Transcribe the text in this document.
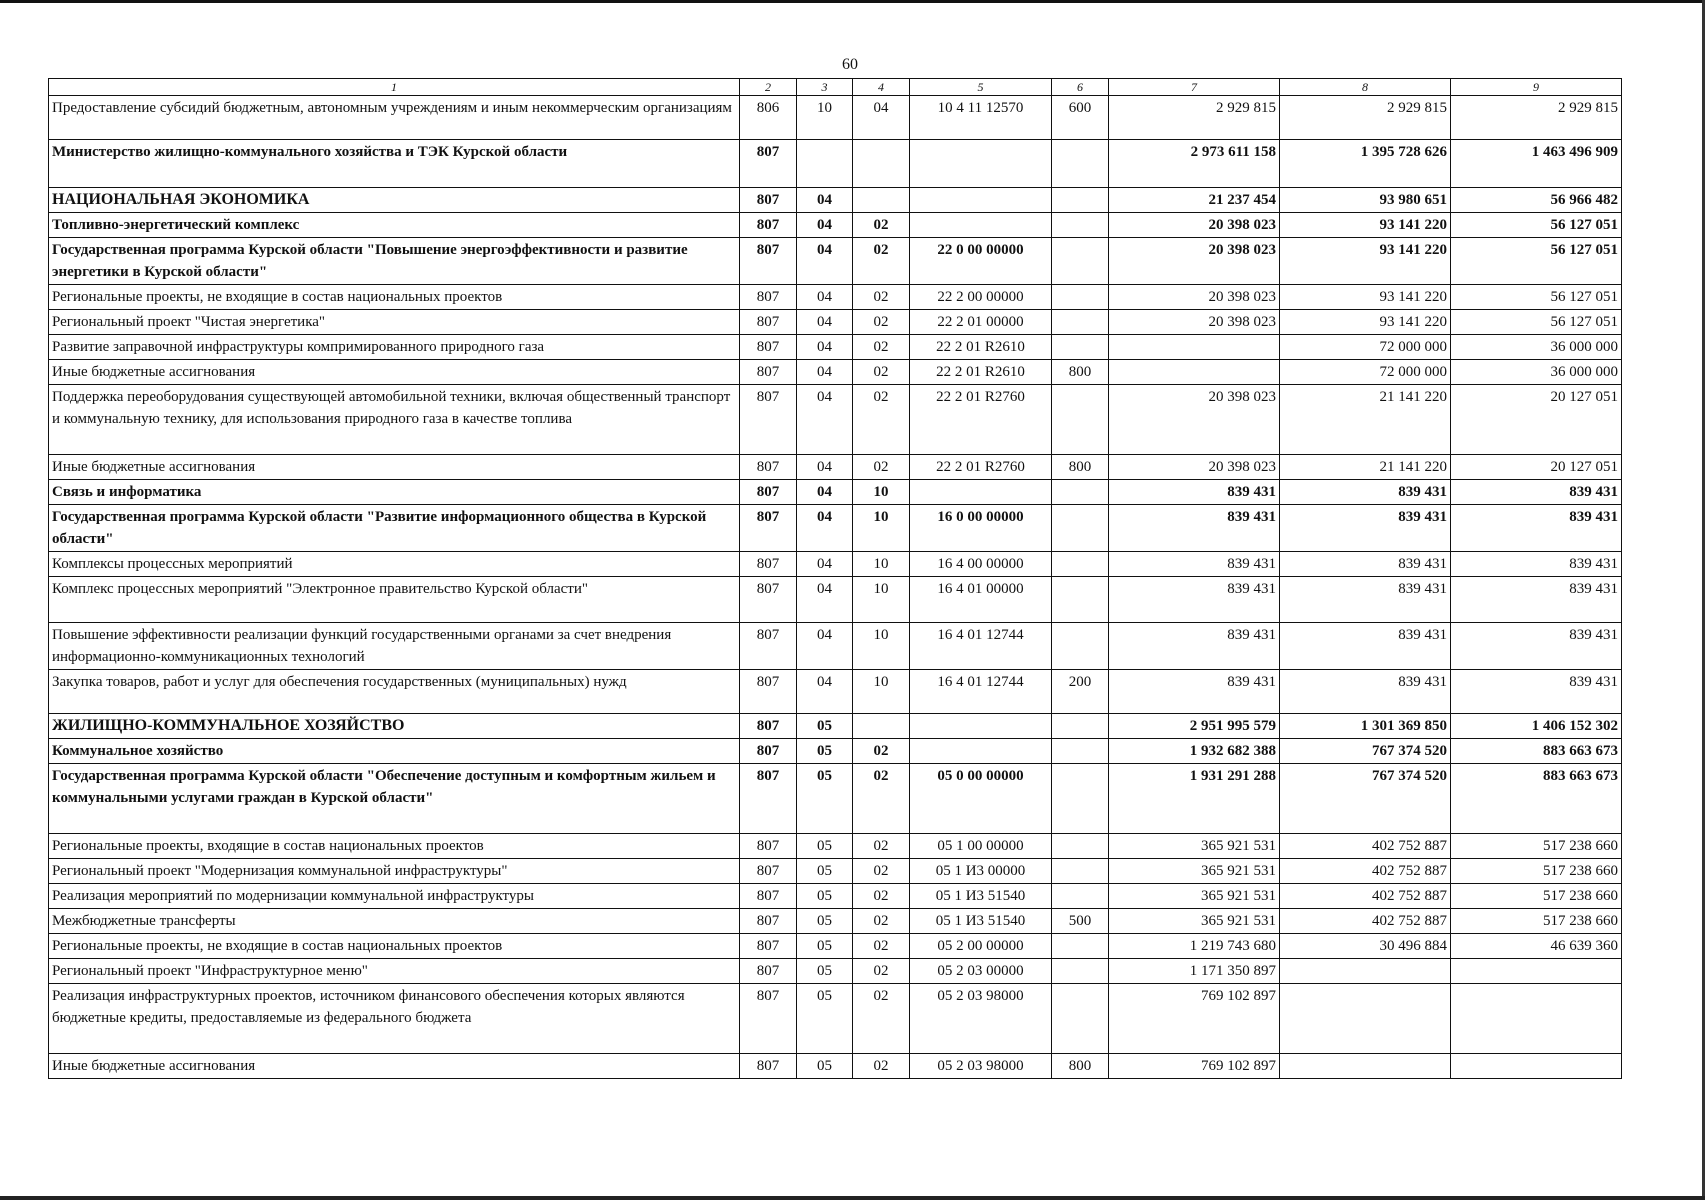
60
1	2	3	4	5	6	7	8	9
Предоставление субсидий бюджетным, автономным учреждениям и иным некоммерческим организациям	806	10	04	10 4 11 12570	600	2 929 815	2 929 815	2 929 815
Министерство жилищно-коммунального хозяйства и ТЭК Курской области	807					2 973 611 158	1 395 728 626	1 463 496 909
НАЦИОНАЛЬНАЯ ЭКОНОМИКА	807	04				21 237 454	93 980 651	56 966 482
Топливно-энергетический комплекс	807	04	02			20 398 023	93 141 220	56 127 051
Государственная программа Курской области "Повышение энергоэффективности и развитие энергетики в Курской области"	807	04	02	22 0 00 00000		20 398 023	93 141 220	56 127 051
Региональные проекты, не входящие в состав национальных проектов	807	04	02	22 2 00 00000		20 398 023	93 141 220	56 127 051
Региональный проект "Чистая энергетика"	807	04	02	22 2 01 00000		20 398 023	93 141 220	56 127 051
Развитие заправочной инфраструктуры компримированного природного газа	807	04	02	22 2 01 R2610			72 000 000	36 000 000
Иные бюджетные ассигнования	807	04	02	22 2 01 R2610	800		72 000 000	36 000 000
Поддержка переоборудования существующей автомобильной техники, включая общественный транспорт и коммунальную технику, для использования природного газа в качестве топлива	807	04	02	22 2 01 R2760		20 398 023	21 141 220	20 127 051
Иные бюджетные ассигнования	807	04	02	22 2 01 R2760	800	20 398 023	21 141 220	20 127 051
Связь и информатика	807	04	10			839 431	839 431	839 431
Государственная программа Курской области "Развитие информационного общества в Курской области"	807	04	10	16 0 00 00000		839 431	839 431	839 431
Комплексы процессных мероприятий	807	04	10	16 4 00 00000		839 431	839 431	839 431
Комплекс процессных мероприятий "Электронное правительство Курской области"	807	04	10	16 4 01 00000		839 431	839 431	839 431
Повышение эффективности реализации функций государственными органами за счет внедрения информационно-коммуникационных технологий	807	04	10	16 4 01 12744		839 431	839 431	839 431
Закупка товаров, работ и услуг для обеспечения государственных (муниципальных) нужд	807	04	10	16 4 01 12744	200	839 431	839 431	839 431
ЖИЛИЩНО-КОММУНАЛЬНОЕ ХОЗЯЙСТВО	807	05				2 951 995 579	1 301 369 850	1 406 152 302
Коммунальное хозяйство	807	05	02			1 932 682 388	767 374 520	883 663 673
Государственная программа Курской области "Обеспечение доступным и комфортным жильем и коммунальными услугами граждан в Курской области"	807	05	02	05 0 00 00000		1 931 291 288	767 374 520	883 663 673
Региональные проекты, входящие в состав национальных проектов	807	05	02	05 1 00 00000		365 921 531	402 752 887	517 238 660
Региональный проект "Модернизация коммунальной инфраструктуры"	807	05	02	05 1 И3 00000		365 921 531	402 752 887	517 238 660
Реализация мероприятий по модернизации коммунальной инфраструктуры	807	05	02	05 1 И3 51540		365 921 531	402 752 887	517 238 660
Межбюджетные трансферты	807	05	02	05 1 И3 51540	500	365 921 531	402 752 887	517 238 660
Региональные проекты, не входящие в состав национальных проектов	807	05	02	05 2 00 00000		1 219 743 680	30 496 884	46 639 360
Региональный проект "Инфраструктурное меню"	807	05	02	05 2 03 00000		1 171 350 897		
Реализация инфраструктурных проектов, источником финансового обеспечения которых являются бюджетные кредиты, предоставляемые из федерального бюджета	807	05	02	05 2 03 98000		769 102 897		
Иные бюджетные ассигнования	807	05	02	05 2 03 98000	800	769 102 897		
